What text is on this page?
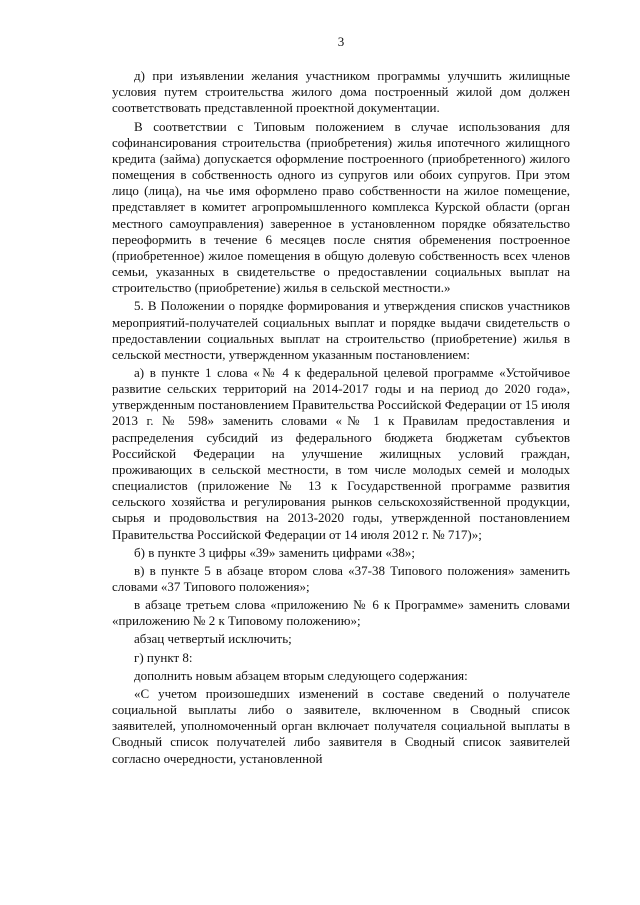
3

д) при изъявлении желания участником программы улучшить жилищные условия путем строительства жилого дома построенный жилой дом должен соответствовать представленной проектной документации.

В соответствии с Типовым положением в случае использования для софинансирования строительства (приобретения) жилья ипотечного жилищного кредита (займа) допускается оформление построенного (приобретенного) жилого помещения в собственность одного из супругов или обоих супругов. При этом лицо (лица), на чье имя оформлено право собственности на жилое помещение, представляет в комитет агропромышленного комплекса Курской области (орган местного самоуправления) заверенное в установленном порядке обязательство переоформить в течение 6 месяцев после снятия обременения построенное (приобретенное) жилое помещения в общую долевую собственность всех членов семьи, указанных в свидетельстве о предоставлении социальных выплат на строительство (приобретение) жилья в сельской местности.»

5. В Положении о порядке формирования и утверждения списков участников мероприятий-получателей социальных выплат и порядке выдачи свидетельств о предоставлении социальных выплат на строительство (приобретение) жилья в сельской местности, утвержденном указанным постановлением:

а) в пункте 1 слова «№ 4 к федеральной целевой программе «Устойчивое развитие сельских территорий на 2014-2017 годы и на период до 2020 года», утвержденным постановлением Правительства Российской Федерации от 15 июля 2013 г. № 598» заменить словами «№ 1 к Правилам предоставления и распределения субсидий из федерального бюджета бюджетам субъектов Российской Федерации на улучшение жилищных условий граждан, проживающих в сельской местности, в том числе молодых семей и молодых специалистов (приложение № 13 к Государственной программе развития сельского хозяйства и регулирования рынков сельскохозяйственной продукции, сырья и продовольствия на 2013-2020 годы, утвержденной постановлением Правительства Российской Федерации от 14 июля 2012 г. № 717)»;

б) в пункте 3 цифры «39» заменить цифрами «38»;

в) в пункте 5 в абзаце втором слова «37-38 Типового положения» заменить словами «37 Типового положения»;

в абзаце третьем слова «приложению № 6 к Программе» заменить словами «приложению № 2 к Типовому положению»;

абзац четвертый исключить;

г) пункт 8:

дополнить новым абзацем вторым следующего содержания:

«С учетом произошедших изменений в составе сведений о получателе социальной выплаты либо о заявителе, включенном в Сводный список заявителей, уполномоченный орган включает получателя социальной выплаты в Сводный список получателей либо заявителя в Сводный список заявителей согласно очередности, установленной
